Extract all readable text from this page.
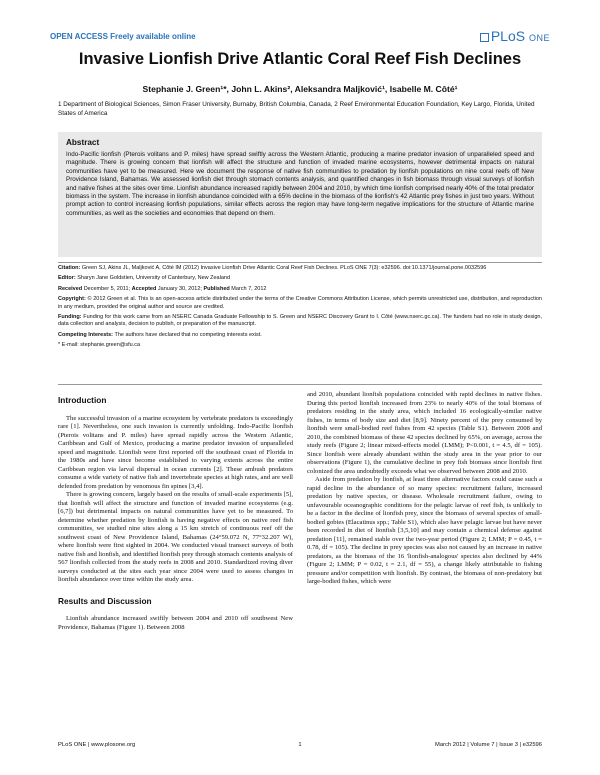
OPEN ACCESS Freely available online	PLoS ONE
Invasive Lionfish Drive Atlantic Coral Reef Fish Declines
Stephanie J. Green¹*, John L. Akins², Aleksandra Maljković¹, Isabelle M. Côté¹
1 Department of Biological Sciences, Simon Fraser University, Burnaby, British Columbia, Canada, 2 Reef Environmental Education Foundation, Key Largo, Florida, United States of America
Abstract

Indo-Pacific lionfish (Pterois volitans and P. miles) have spread swiftly across the Western Atlantic, producing a marine predator invasion of unparalleled speed and magnitude. There is growing concern that lionfish will affect the structure and function of invaded marine ecosystems, however detrimental impacts on natural communities have yet to be measured. Here we document the response of native fish communities to predation by lionfish populations on nine coral reefs off New Providence Island, Bahamas. We assessed lionfish diet through stomach contents analysis, and quantified changes in fish biomass through visual surveys of lionfish and native fishes at the sites over time. Lionfish abundance increased rapidly between 2004 and 2010, by which time lionfish comprised nearly 40% of the total predator biomass in the system. The increase in lionfish abundance coincided with a 65% decline in the biomass of the lionfish's 42 Atlantic prey fishes in just two years. Without prompt action to control increasing lionfish populations, similar effects across the region may have long-term negative implications for the structure of Atlantic marine communities, as well as the societies and economies that depend on them.

Citation: Green SJ, Akins JL, Maljković A, Côté IM (2012) Invasive Lionfish Drive Atlantic Coral Reef Fish Declines. PLoS ONE 7(3): e32596. doi:10.1371/journal.pone.0032596
Editor: Sharyn Jane Goldstien, University of Canterbury, New Zealand
Received December 5, 2011; Accepted January 30, 2012; Published March 7, 2012
Copyright: © 2012 Green et al. This is an open-access article distributed under the terms of the Creative Commons Attribution License, which permits unrestricted use, distribution, and reproduction in any medium, provided the original author and source are credited.
Funding: Funding for this work came from an NSERC Canada Graduate Fellowship to S. Green and NSERC Discovery Grant to I. Côté (www.nserc.gc.ca). The funders had no role in study design, data collection and analysis, decision to publish, or preparation of the manuscript.
Competing Interests: The authors have declared that no competing interests exist.
* E-mail: stephanie.green@sfu.ca
Introduction

The successful invasion of a marine ecosystem by vertebrate predators is exceedingly rare [1]. Nevertheless, one such invasion is currently unfolding. Indo-Pacific lionfish (Pterois volitans and P. miles) have spread rapidly across the Western Atlantic, Caribbean and Gulf of Mexico, producing a marine predator invasion of unparalleled speed and magnitude. Lionfish were first reported off the southeast coast of Florida in the 1980s and have since become established to varying extents across the entire Caribbean region via larval dispersal in ocean currents [2]. These ambush predators consume a wide variety of native fish and invertebrate species at high rates, and are well defended from predation by venomous fin spines [3,4].

There is growing concern, largely based on the results of small-scale experiments [5], that lionfish will affect the structure and function of invaded marine ecosystems (e.g. [6,7]) but detrimental impacts on natural communities have yet to be measured. To determine whether predation by lionfish is having negative effects on native reef fish communities, we studied nine sites along a 15 km stretch of continuous reef off the southwest coast of New Providence Island, Bahamas (24°59.072 N, 77°32.207 W), where lionfish were first sighted in 2004. We conducted visual transect surveys of both native fish and lionfish, and identified lionfish prey through stomach contents analysis of 567 lionfish collected from the study reefs in 2008 and 2010. Standardized roving diver surveys conducted at the sites each year since 2004 were used to assess changes in lionfish abundance over time within the study area.

Results and Discussion

Lionfish abundance increased swiftly between 2004 and 2010 off southwest New Providence, Bahamas (Figure 1). Between 2008

and 2010, abundant lionfish populations coincided with rapid declines in native fishes. During this period lionfish increased from 23% to nearly 40% of the total biomass of predators residing in the study area, which included 16 ecologically-similar native fishes, in terms of body size and diet [8,9]. Ninety percent of the prey consumed by lionfish were small-bodied reef fishes from 42 species (Table S1). Between 2008 and 2010, the combined biomass of these 42 species declined by 65%, on average, across the study reefs (Figure 2; linear mixed-effects model (LMM); P<0.001, t = 4.5, df = 105). Since lionfish were already abundant within the study area in the year prior to our observations (Figure 1), the cumulative decline in prey fish biomass since lionfish first colonized the area undoubtedly exceeds what we observed between 2008 and 2010.

Aside from predation by lionfish, at least three alternative factors could cause such a rapid decline in the abundance of so many species: recruitment failure, increased predation by native species, or disease. Wholesale recruitment failure, owing to unfavourable oceanographic conditions for the pelagic larvae of reef fish, is unlikely to be a factor in the decline of lionfish prey, since the biomass of several species of small-bodied gobies (Elacatinus spp.; Table S1), which also have pelagic larvae but have never been recorded in diet of lionfish [3,5,10] and may contain a chemical defense against predation [11], remained stable over the two-year period (Figure 2; LMM; P = 0.45, t = 0.78, df = 105). The decline in prey species was also not caused by an increase in native predators, as the biomass of the 16 'lionfish-analogous' species also declined by 44% (Figure 2; LMM; P = 0.02, t = 2.1, df = 55), a change likely attributable to fishing pressure and/or competition with lionfish. By contrast, the biomass of non-predatory but large-bodied fishes, which were

PLoS ONE | www.plosone.org	1	March 2012 | Volume 7 | Issue 3 | e32596
